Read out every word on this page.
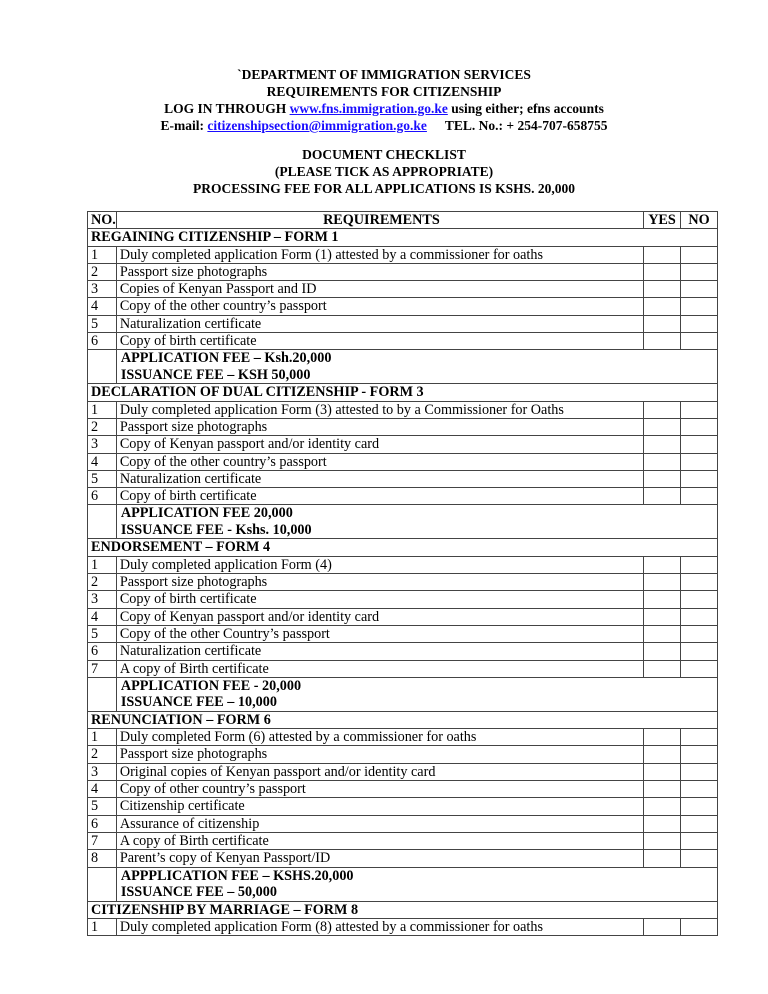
`DEPARTMENT OF IMMIGRATION SERVICES
REQUIREMENTS FOR CITIZENSHIP
LOG IN THROUGH www.fns.immigration.go.ke using either; efns accounts
E-mail: citizenshipsection@immigration.go.ke TEL. No.: + 254-707-658755
DOCUMENT CHECKLIST
(PLEASE TICK AS APPROPRIATE)
PROCESSING FEE FOR ALL APPLICATIONS IS KSHS. 20,000
NO.	REQUIREMENTS	YES	NO
REGAINING CITIZENSHIP – FORM 1			
1	Duly completed application Form (1) attested by a commissioner for oaths		
2	Passport size photographs		
3	Copies of Kenyan Passport and ID		
4	Copy of the other country’s passport		
5	Naturalization certificate		
6	Copy of birth certificate		

	APPLICATION FEE – Ksh.20,000
ISSUANCE FEE – KSH 50,000		

DECLARATION OF DUAL CITIZENSHIP - FORM 3			
1	Duly completed application Form (3) attested to by a Commissioner for Oaths		
2	Passport size photographs		
3	Copy of Kenyan passport and/or identity card		
4	Copy of the other country’s passport		
5	Naturalization certificate		
6	Copy of birth certificate		

	APPLICATION FEE 20,000
ISSUANCE FEE - Kshs. 10,000		

ENDORSEMENT – FORM 4			
1	Duly completed application Form (4)		
2	Passport size photographs		
3	Copy of birth certificate		
4	Copy of Kenyan passport and/or identity card		
5	Copy of the other Country’s passport		
6	Naturalization certificate		
7	A copy of Birth certificate		

	APPLICATION FEE - 20,000
ISSUANCE FEE – 10,000		

RENUNCIATION – FORM 6			
1	Duly completed Form (6) attested by a commissioner for oaths		
2	Passport size photographs		
3	Original copies of Kenyan passport and/or identity card		
4	Copy of other country’s passport		
5	Citizenship certificate		
6	Assurance of citizenship		
7	A copy of Birth certificate		
8	Parent’s copy of Kenyan Passport/ID		

	APPPLICATION FEE – KSHS.20,000
ISSUANCE FEE – 50,000		

CITIZENSHIP BY MARRIAGE – FORM 8			
1	Duly completed application Form (8) attested by a commissioner for oaths		
